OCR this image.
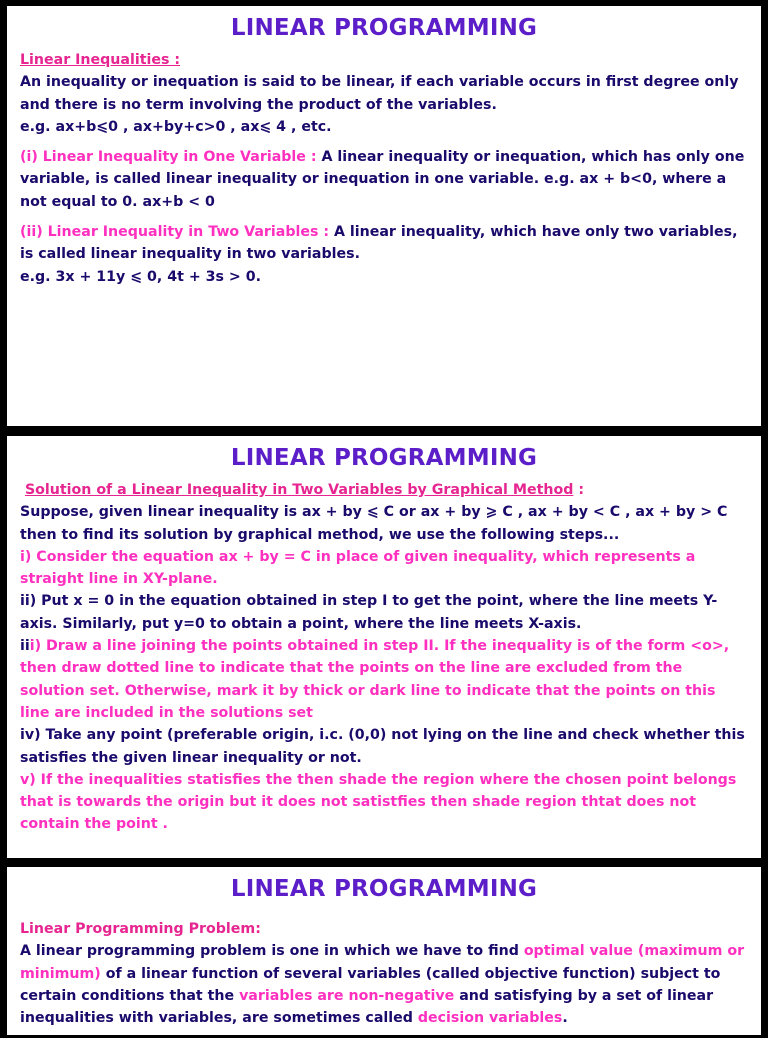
LINEAR PROGRAMMING

Linear Inequalities :

An inequality or inequation is said to be linear, if each variable occurs in first degree only and there is no term involving the product of the variables.

e.g. ax+b⩽0 , ax+by+c>0 , ax⩽ 4 , etc.

(i) Linear Inequality in One Variable : A linear inequality or inequation, which has only one variable, is called linear inequality or inequation in one variable. e.g. ax + b<0, where a not equal to 0. ax+b < 0

(ii) Linear Inequality in Two Variables : A linear inequality, which have only two variables, is called linear inequality in two variables.

e.g. 3x + 11y ⩽ 0, 4t + 3s > 0.

LINEAR PROGRAMMING

Solution of a Linear Inequality in Two Variables by Graphical Method :

Suppose, given linear inequality is ax + by ⩽ C or ax + by ⩾ C , ax + by < C , ax + by > C then to find its solution by graphical method, we use the following steps...

i) Consider the equation ax + by = C in place of given inequality, which represents a straight line in XY-plane.

ii) Put x = 0 in the equation obtained in step I to get the point, where the line meets Y-axis. Similarly, put y=0 to obtain a point, where the line meets X-axis.

iii) Draw a line joining the points obtained in step II. If the inequality is of the form <o>, then draw dotted line to indicate that the points on the line are excluded from the solution set. Otherwise, mark it by thick or dark line to indicate that the points on this line are included in the solutions set

iv) Take any point (preferable origin, i.c. (0,0) not lying on the line and check whether this satisfies the given linear inequality or not.

v) If the inequalities statisfies the then shade the region where the chosen point belongs that is towards the origin but it does not satistfies then shade region thtat does not contain the point .

LINEAR PROGRAMMING

Linear Programming Problem:

A linear programming problem is one in which we have to find optimal value (maximum or minimum) of a linear function of several variables (called objective function) subject to certain conditions that the variables are non-negative and satisfying by a set of linear inequalities with variables, are sometimes called decision variables.
